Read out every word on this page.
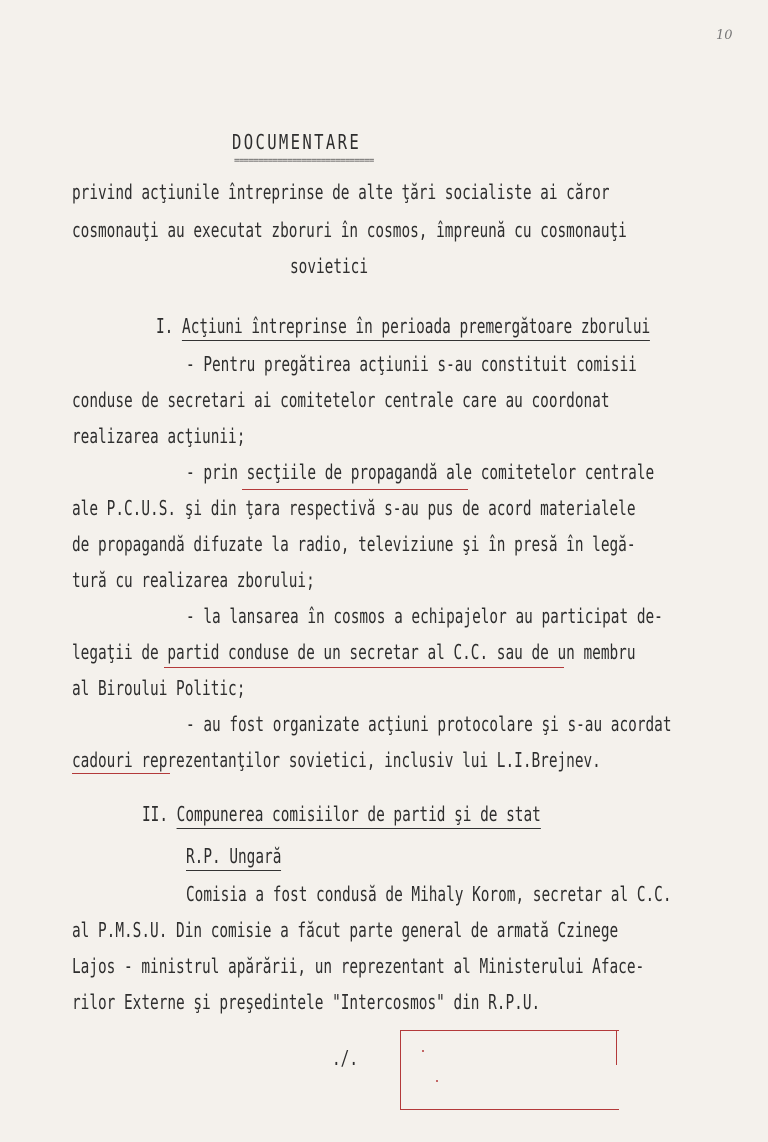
10
DOCUMENTARE
=============================
privind acţiunile întreprinse de alte ţări socialiste ai căror
cosmonauţi au executat zboruri în cosmos, împreună cu cosmonauţi
sovietici
I. Acţiuni întreprinse în perioada premergătoare zborului
- Pentru pregătirea acţiunii s-au constituit comisii
conduse de secretari ai comitetelor centrale care au coordonat
realizarea acţiunii;
- prin secţiile de propagandă ale comitetelor centrale
ale P.C.U.S. şi din ţara respectivă s-au pus de acord materialele
de propagandă difuzate la radio, televiziune şi în presă în legă-
tură cu realizarea zborului;
- la lansarea în cosmos a echipajelor au participat de-
legaţii de partid conduse de un secretar al C.C. sau de un membru
al Biroului Politic;
- au fost organizate acţiuni protocolare şi s-au acordat
cadouri reprezentanţilor sovietici, inclusiv lui L.I.Brejnev.
II. Compunerea comisiilor de partid şi de stat
R.P. Ungară
Comisia a fost condusă de Mihaly Korom, secretar al C.C.
al P.M.S.U. Din comisie a făcut parte general de armată Czinege
Lajos - ministrul apărării, un reprezentant al Ministerului Afacе-
rilor Externe şi preşedintele "Intercosmos" din R.P.U.
./.
